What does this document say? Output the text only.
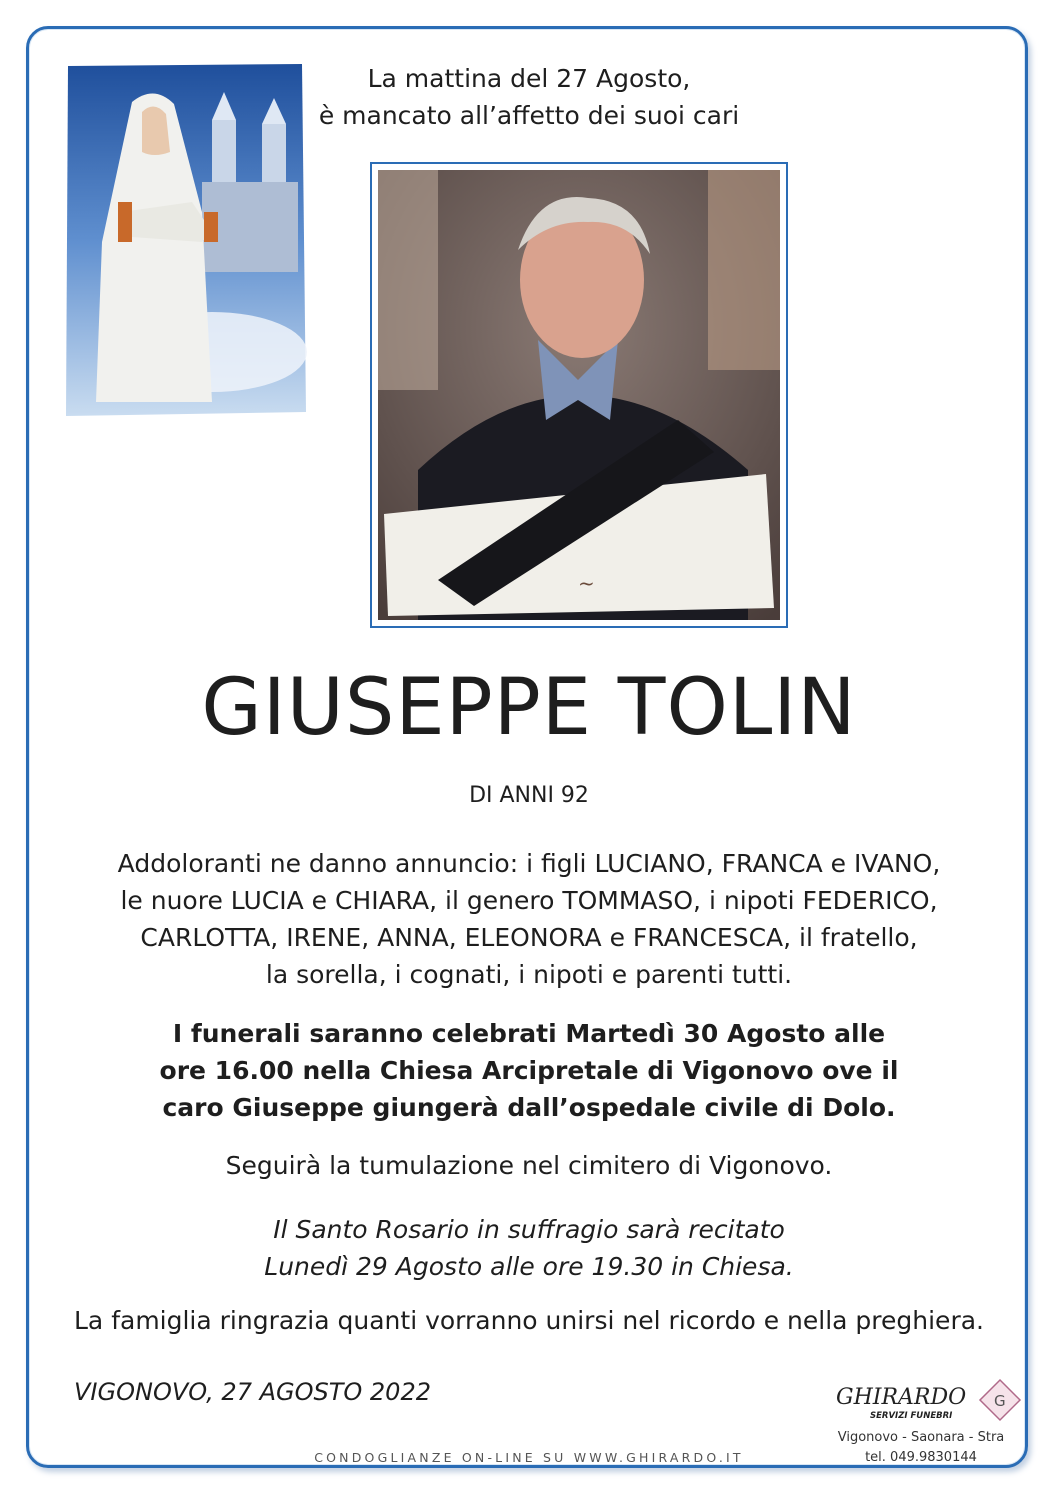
La mattina del 27 Agosto,
è mancato all’affetto dei suoi cari
~
GIUSEPPE TOLIN
DI ANNI 92
Addoloranti ne danno annuncio: i figli LUCIANO, FRANCA e IVANO,
le nuore LUCIA e CHIARA, il genero TOMMASO, i nipoti FEDERICO,
CARLOTTA, IRENE, ANNA, ELEONORA e FRANCESCA, il fratello,
la sorella, i cognati, i nipoti e parenti tutti.
I funerali saranno celebrati Martedì 30 Agosto alle
ore 16.00 nella Chiesa Arcipretale di Vigonovo ove il
caro Giuseppe giungerà dall’ospedale civile di Dolo.
Seguirà la tumulazione nel cimitero di Vigonovo.
Il Santo Rosario in suffragio sarà recitato
Lunedì 29 Agosto alle ore 19.30 in Chiesa.
La famiglia ringrazia quanti vorranno unirsi nel ricordo e nella preghiera.
VIGONOVO, 27 AGOSTO 2022
CONDOGLIANZE ON-LINE SU WWW.GHIRARDO.IT
GHIRARDO
SERVIZI FUNEBRI
G
Vigonovo - Saonara - Stra
tel. 049.9830144
